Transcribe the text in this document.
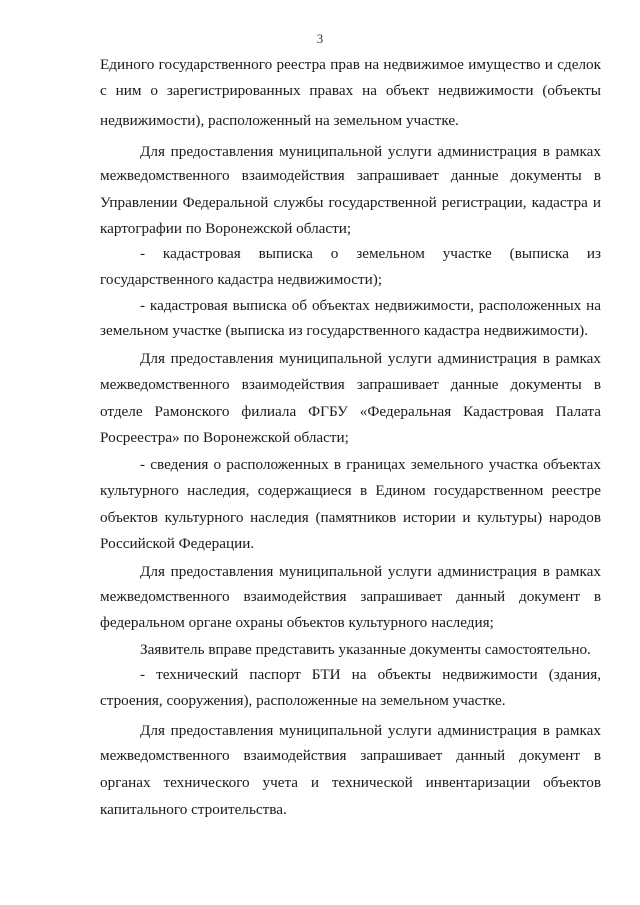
3
Единого государственного реестра прав на недвижимое имущество и сделок
с ним о зарегистрированных правах на объект недвижимости (объекты
недвижимости), расположенный на земельном участке.
Для предоставления муниципальной услуги администрация в рамках
межведомственного взаимодействия запрашивает данные документы в
Управлении Федеральной службы государственной регистрации, кадастра и
картографии по Воронежской области;
- кадастровая выписка о земельном участке (выписка из
государственного кадастра недвижимости);
- кадастровая выписка об объектах недвижимости, расположенных на
земельном участке (выписка из государственного кадастра недвижимости).
Для предоставления муниципальной услуги администрация в рамках
межведомственного взаимодействия запрашивает данные документы в
отделе Рамонского филиала ФГБУ «Федеральная Кадастровая Палата
Росреестра» по Воронежской области;
- сведения о расположенных в границах земельного участка объектах
культурного наследия, содержащиеся в Едином государственном реестре
объектов культурного наследия (памятников истории и культуры) народов
Российской Федерации.
Для предоставления муниципальной услуги администрация в рамках
межведомственного взаимодействия запрашивает данный документ в
федеральном органе охраны объектов культурного наследия;
Заявитель вправе представить указанные документы самостоятельно.
- технический паспорт БТИ на объекты недвижимости (здания,
строения, сооружения), расположенные на земельном участке.
Для предоставления муниципальной услуги администрация в рамках
межведомственного взаимодействия запрашивает данный документ в
органах технического учета и технической инвентаризации объектов
капитального строительства.
